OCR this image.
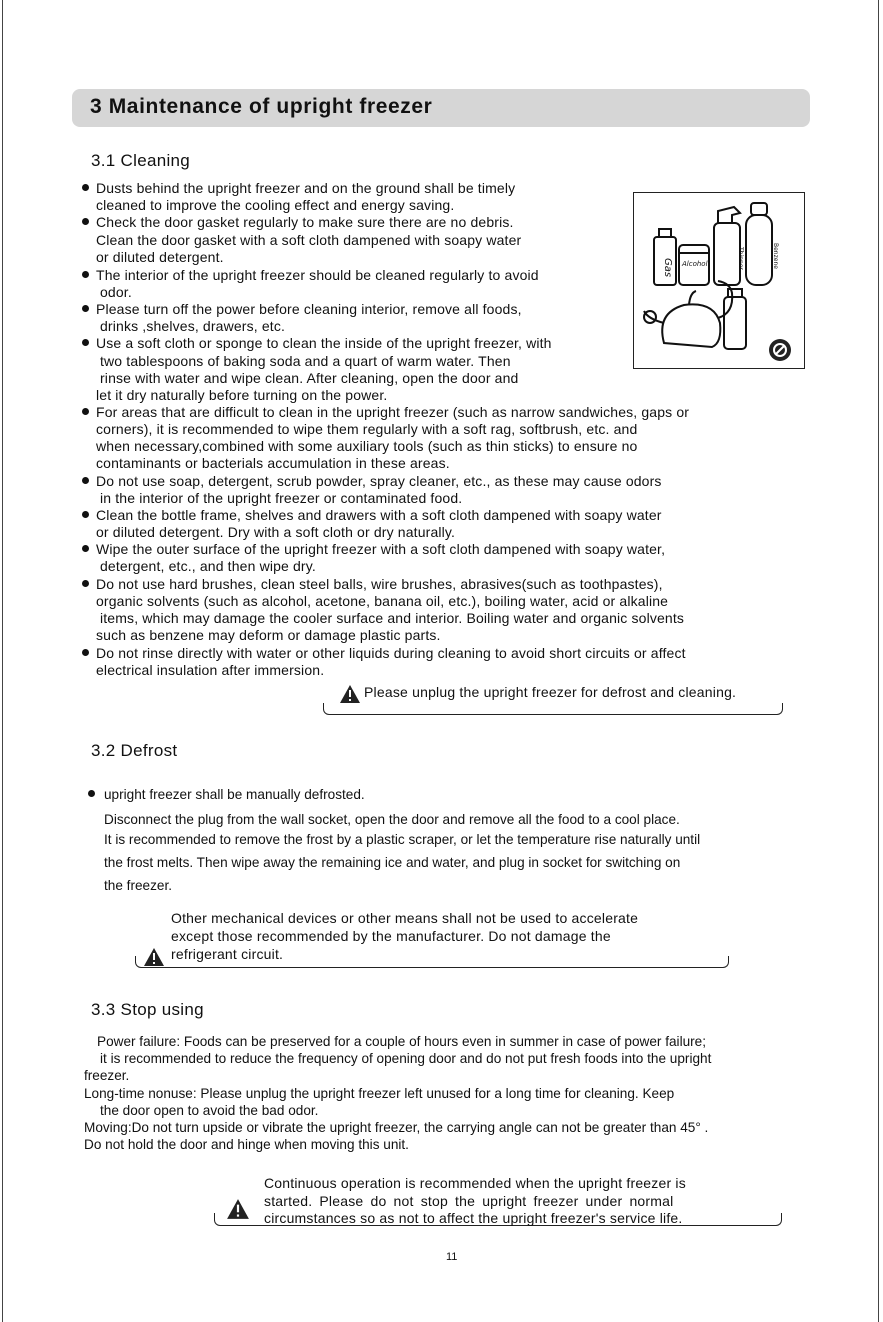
3 Maintenance of upright freezer
3.1 Cleaning
Dusts behind the upright freezer and on the ground shall be timely
cleaned to improve the cooling effect and energy saving.
Check the door gasket regularly to make sure there are no debris.
Clean the door gasket with a soft cloth dampened with soapy water
or diluted detergent.
The interior of the upright freezer should be cleaned regularly to avoid
odor.
Please turn off the power before cleaning interior, remove all foods,
drinks ,shelves, drawers, etc.
Use a soft cloth or sponge to clean the inside of the upright freezer, with
two tablespoons of baking soda and a quart of warm water. Then
rinse with water and wipe clean. After cleaning, open the door and
let it dry naturally before turning on the power.
For areas that are difficult to clean in the upright freezer (such as narrow sandwiches, gaps or
corners), it is recommended to wipe them regularly with a soft rag, softbrush, etc. and
when necessary,combined with some auxiliary tools (such as thin sticks) to ensure no
contaminants or bacterials accumulation in these areas.
Do not use soap, detergent, scrub powder, spray cleaner, etc., as these may cause odors
in the interior of the upright freezer or contaminated food.
Clean the bottle frame, shelves and drawers with a soft cloth dampened with soapy water
or diluted detergent. Dry with a soft cloth or dry naturally.
Wipe the outer surface of the upright freezer with a soft cloth dampened with soapy water,
detergent, etc., and then wipe dry.
Do not use hard brushes, clean steel balls, wire brushes, abrasives(such as toothpastes),
organic solvents (such as alcohol, acetone, banana oil, etc.), boiling water, acid or alkaline
items, which may damage the cooler surface and interior. Boiling water and organic solvents
such as benzene may deform or damage plastic parts.
Do not rinse directly with water or other liquids during cleaning to avoid short circuits or affect
electrical insulation after immersion.
Gas Alcohol	Thinner	Benzene
Please unplug the upright freezer for defrost and cleaning.
3.2 Defrost
upright freezer shall be manually defrosted.
Disconnect the plug from the wall socket, open the door and remove all the food to a cool place.
It is recommended to remove the frost by a plastic scraper, or let the temperature rise naturally until
the frost melts. Then wipe away the remaining ice and water, and plug in socket for switching on
the freezer.
Other mechanical devices or other means shall not be used to accelerate
except those recommended by the manufacturer. Do not damage the
refrigerant circuit.
3.3 Stop using
Power failure: Foods can be preserved for a couple of hours even in summer in case of power failure;
it is recommended to reduce the frequency of opening door and do not put fresh foods into the upright
freezer.
Long-time nonuse: Please unplug the upright freezer left unused for a long time for cleaning. Keep
the door open to avoid the bad odor.
Moving:Do not turn upside or vibrate the upright freezer, the carrying angle can not be greater than 45° .
Do not hold the door and hinge when moving this unit.
Continuous operation is recommended when the upright freezer is
started. Please do not stop the upright freezer under normal
circumstances so as not to affect the upright freezer's service life.
11
